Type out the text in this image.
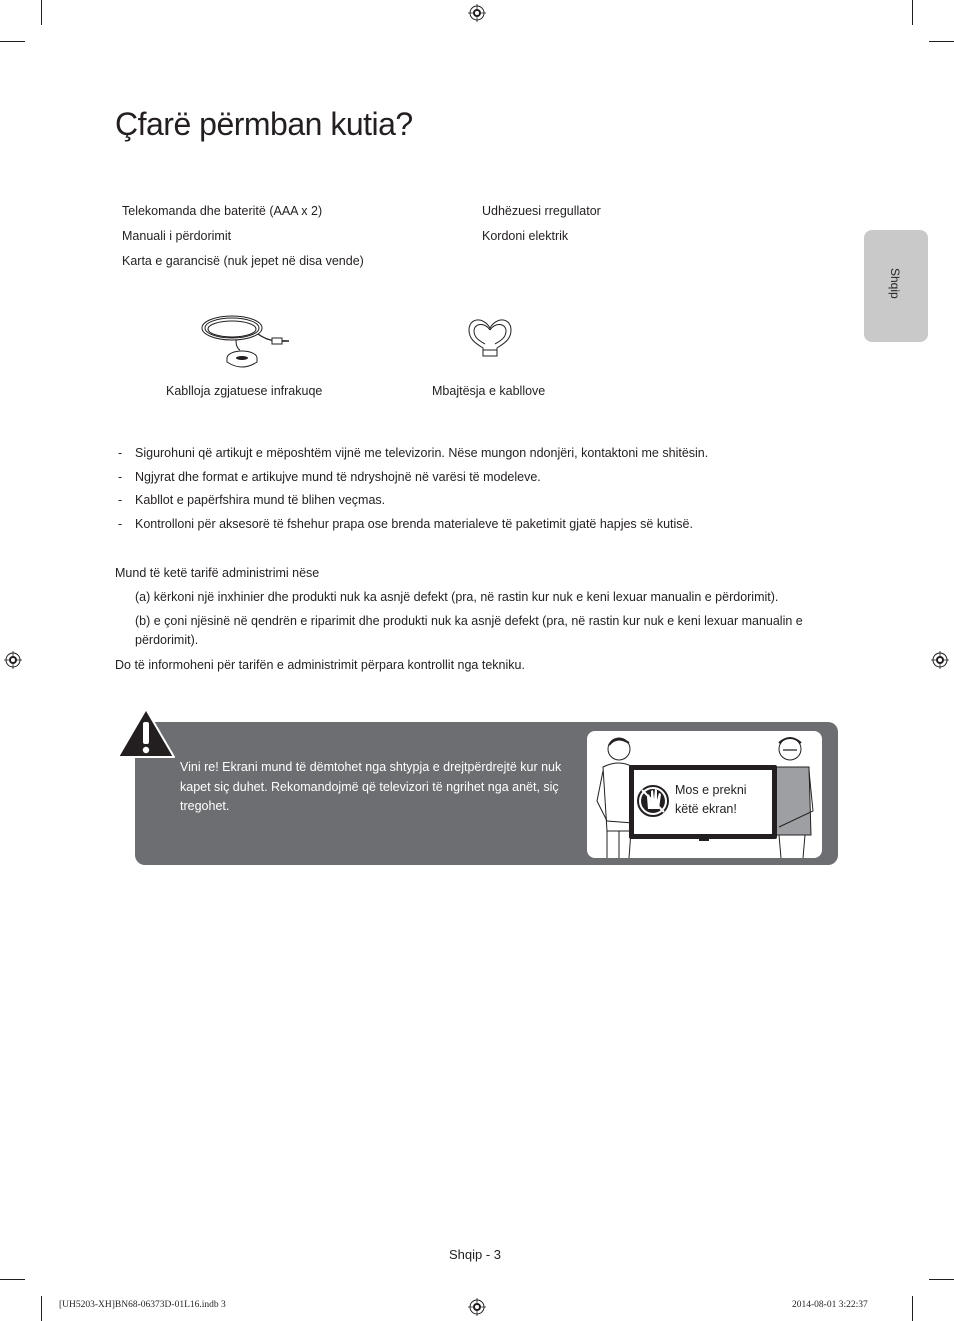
Çfarë përmban kutia?
Shqip
Telekomanda dhe bateritë (AAA x 2)
Manuali i përdorimit
Karta e garancisë (nuk jepet në disa vende)
Udhëzuesi rregullator
Kordoni elektrik
Kablloja zgjatuese infrakuqe	Mbajtësja e kabllove
- Sigurohuni që artikujt e mëposhtëm vijnë me televizorin. Nëse mungon ndonjëri, kontaktoni me shitësin.
- Ngjyrat dhe format e artikujve mund të ndryshojnë në varësi të modeleve.
- Kabllot e papërfshira mund të blihen veçmas.
- Kontrolloni për aksesorë të fshehur prapa ose brenda materialeve të paketimit gjatë hapjes së kutisë.
Mund të ketë tarifë administrimi nëse
(a) kërkoni një inxhinier dhe produkti nuk ka asnjë defekt (pra, në rastin kur nuk e keni lexuar manualin e përdorimit).
(b) e çoni njësinë në qendrën e riparimit dhe produkti nuk ka asnjë defekt (pra, në rastin kur nuk e keni lexuar manualin e përdorimit).
Do të informoheni për tarifën e administrimit përpara kontrollit nga tekniku.
Vini re! Ekrani mund të dëmtohet nga shtypja e drejtpërdrejtë kur nuk kapet siç duhet. Rekomandojmë që televizori të ngrihet nga anët, siç tregohet.
Mos e prekni
këtë ekran!
Shqip - 3
[UH5203-XH]BN68-06373D-01L16.indb 3	2014-08-01 3:22:37
